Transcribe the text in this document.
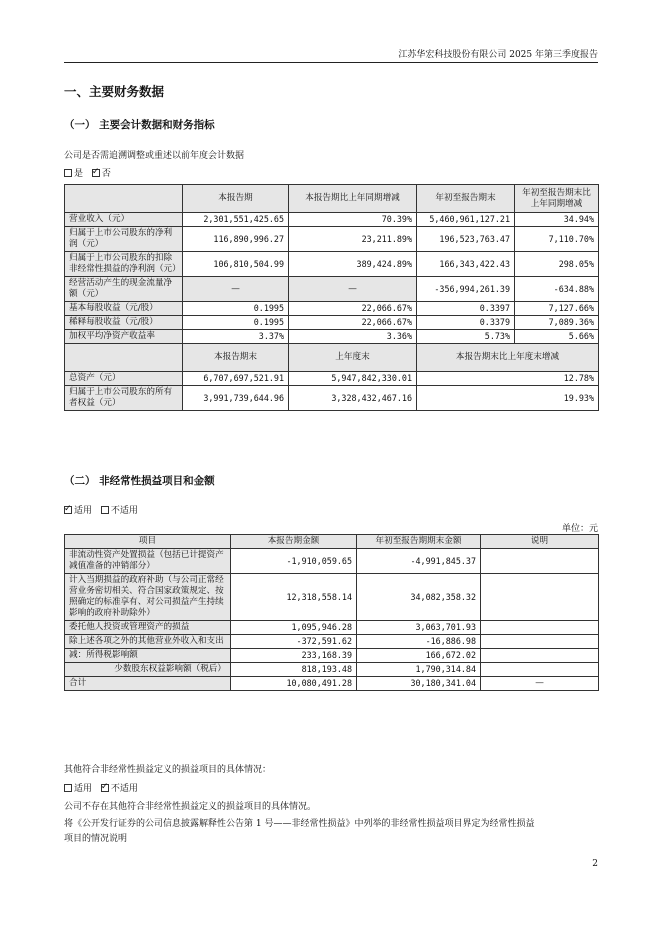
江苏华宏科技股份有限公司 2025 年第三季度报告
一、主要财务数据
（一） 主要会计数据和财务指标
公司是否需追溯调整或重述以前年度会计数据
是 ✓ 否
	本报告期	本报告期比上年同期增减	年初至报告期末	年初至报告期末比上年同期增减
营业收入（元）	2,301,551,425.65	70.39%	5,460,961,127.21	34.94%
归属于上市公司股东的净利润（元）	116,890,996.27	23,211.89%	196,523,763.47	7,110.70%
归属于上市公司股东的扣除非经常性损益的净利润（元）	106,810,504.99	389,424.89%	166,343,422.43	298.05%
经营活动产生的现金流量净额（元）	—	—	-356,994,261.39	-634.88%
基本每股收益（元/股）	0.1995	22,066.67%	0.3397	7,127.66%
稀释每股收益（元/股）	0.1995	22,066.67%	0.3379	7,089.36%
加权平均净资产收益率	3.37%	3.36%	5.73%	5.66%
	本报告期末	上年度末	本报告期末比上年度末增减	
总资产（元）	6,707,697,521.91	5,947,842,330.01	12.78%	
归属于上市公司股东的所有者权益（元）	3,991,739,644.96	3,328,432,467.16	19.93%	
（二） 非经常性损益项目和金额
✓适用 不适用
单位：元
项目	本报告期金额	年初至报告期期末金额	说明
非流动性资产处置损益（包括已计提资产减值准备的冲销部分）	-1,910,059.65	-4,991,845.37	
计入当期损益的政府补助（与公司正常经营业务密切相关、符合国家政策规定、按照确定的标准享有、对公司损益产生持续影响的政府补助除外）	12,318,558.14	34,082,358.32	
委托他人投资或管理资产的损益	1,095,946.28	3,063,701.93	
除上述各项之外的其他营业外收入和支出	-372,591.62	-16,886.98	
减：所得税影响额	233,168.39	166,672.02	
少数股东权益影响额（税后）	818,193.48	1,790,314.84	
合计	10,080,491.28	30,180,341.04	—
其他符合非经常性损益定义的损益项目的具体情况：
适用 ✓ 不适用
公司不存在其他符合非经常性损益定义的损益项目的具体情况。
将《公开发行证券的公司信息披露解释性公告第 1 号——非经常性损益》中列举的非经常性损益项目界定为经常性损益
项目的情况说明
2
